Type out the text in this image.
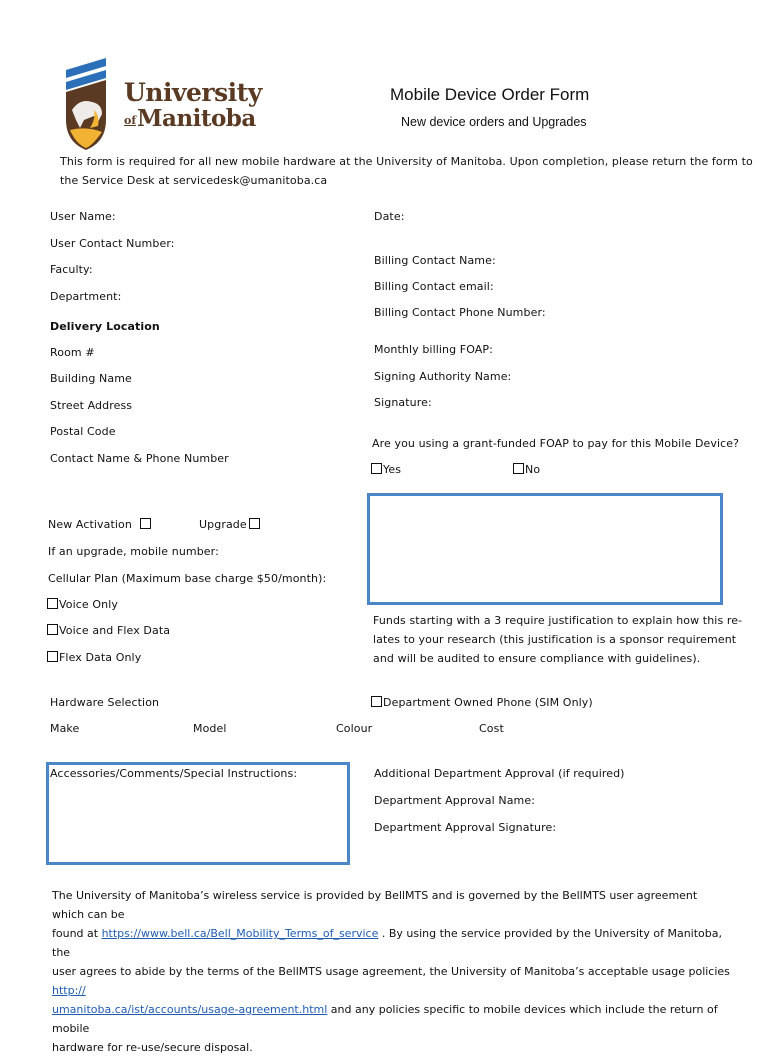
University
of Manitoba
Mobile Device Order Form
New device orders and Upgrades
This form is required for all new mobile hardware at the University of Manitoba. Upon completion, please return the form to
the Service Desk at servicedesk@umanitoba.ca
User Name:
User Contact Number:
Faculty:
Department:
Delivery Location
Room #
Building Name
Street Address
Postal Code
Contact Name & Phone Number
Date:
Billing Contact Name:
Billing Contact email:
Billing Contact Phone Number:
Monthly billing FOAP:
Signing Authority Name:
Signature:
Are you using a grant-funded FOAP to pay for this Mobile Device?
Yes	No
Funds starting with a 3 require justification to explain how this re-
lates to your research (this justification is a sponsor requirement
and will be audited to ensure compliance with guidelines).
New Activation	Upgrade
If an upgrade, mobile number:
Cellular Plan (Maximum base charge $50/month):
Voice Only
Voice and Flex Data
Flex Data Only
Hardware Selection	Department Owned Phone (SIM Only)
Make	Model	Colour	Cost
Accessories/Comments/Special Instructions:	Additional Department Approval (if required)
Department Approval Name:
Department Approval Signature:
The University of Manitoba’s wireless service is provided by BellMTS and is governed by the BellMTS user agreement which can be
found at https://www.bell.ca/Bell_Mobility_Terms_of_service . By using the service provided by the University of Manitoba, the
user agrees to abide by the terms of the BellMTS usage agreement, the University of Manitoba’s acceptable usage policies http://
umanitoba.ca/ist/accounts/usage-agreement.html and any policies specific to mobile devices which include the return of mobile
hardware for re-use/secure disposal.
